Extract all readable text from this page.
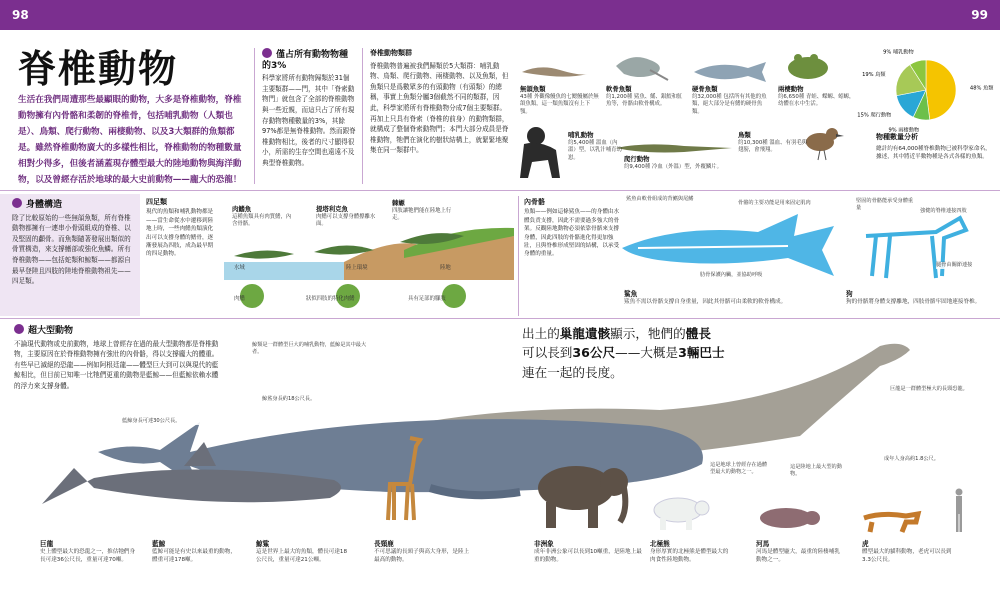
98	99
脊椎動物
生活在我們周遭那些最顯眼的動物，大多是脊椎動物，脊椎動物擁有內骨骼和柔韌的脊椎骨，包括哺乳動物（人類也是）、鳥類、爬行動物、兩棲動物、以及3大類群的魚類都是。雖然脊椎動物廣大的多樣性相比，脊椎動物的物種數量相對少得多，但後者涵蓋現存體型最大的陸地動物與海洋動物，以及曾經存活於地球的最大史前動物——龐大的恐龍！
僅占所有動物物種的3%
科學家將所有動物歸類於31個主要類群——門，其中「脊索動物門」就包含了全部的脊椎動物與一些近親，而這只占了所有現存動物物種數量的3%，其餘97%都是無脊椎動物。然而跟脊椎動物相比，後者的尺寸顯得很小，所需的生存空間也遠遠不及典型脊椎動物。
脊椎動物類群
脊椎動物普遍被我們歸類於5大類群：哺乳動物、鳥類、爬行動物、兩棲動物、以及魚類，但魚類只是爲數眾多的有頭動物（有頭類）的總稱，事實上魚類分屬3個截然不同的類群，因此，科學家將所有脊椎動物分成7個主要類群。再加上只具有脊索（脊椎的前身）的動物類群，就構成了整個脊索動物門；本門大部分成員是脊椎動物，牠們在演化的樹狀結構上，就緊緊地聚集在同一類群中。
無頜魚類
43種 外觀像鰻魚的七鰓鰻屬於無頜魚類，這一類魚類沒有上下顎。
軟骨魚類
約1,200種 鯊魚、鰩、銀鮫和魟魚等，骨骼由軟骨構成。
硬骨魚類
約32,000種 包括所有其他的魚類，絕大部分是有鰭的硬骨魚類。
兩棲動物
約6,650種 青蛙、蠑螈、蚓螈，幼體在水中生活。
哺乳動物
約5,400種 溫血（內溫）型，以乳汁哺育幼崽。	爬行動物
約9,400種 冷血（外溫）型，外覆鱗片。
鳥類
約10,300種 溫血、有羽毛與翅膀，會飛翔。
48% 魚類
9% 兩棲動物
15% 爬行動物
19% 鳥類
9% 哺乳動物
物種數量分析
總計約有64,000種脊椎動物已被科學家命名，據述，其中將近半數物種是各式各樣的魚類。
身體構造
除了比較原始的一些無頜魚類，所有脊椎動物都擁有一連串小骨頭組成的脊椎、以及堅固的顱骨。而魚類隨著發展出類似的骨質構造，來支撐鰭部或強化魚鱗。所有脊椎動物——包括蛇類和鯨類——都源自最早登陸且四肢的陸地脊椎動物祖先——四足類。
四足類
現代的魚類和哺乳動物都是——當生命從水中遷移到陸地上時，一些肉鰭魚類演化出可以支撐身體的鰭骨，逐漸發展為四肢，成為最早期的四足動物。
肉鰭魚
這種魚類具有肉質鰭，內含骨骼。
提塔利克魚
肉鰭可以支撐身體撐離水面。
棘螈
四肢讓牠們能在陸地上行走。
水域	陸上環境	陸地
肉鰭	狀似四肢的特化肉鰭	具有足部的腳肢
內骨骼
魚類——例如這條鯊魚——的身體由水體負責支撐，因此不需要過多強大的骨架。反觀陸地動物必須依靠骨骼來支撐身體，因此四肢的骨骼進化得更加強壯，且與脊椎形成堅固的結構，以承受身體的重量。
鯊魚由軟骨組成的背鰭與尾鰭
骨骼的主要功能是用來固定肌肉
肋骨保護內臟，並協助呼吸
鯊魚
鯊魚不需以骨骼支撐自身重量，因此其骨骼可由柔軟的軟骨構成。
堅固的骨骼能承受身體重量	強健的脊椎連接四肢
腿骨由關節連接
狗
狗的骨骼將身體支撐離地，四肢骨骼牢固地連接脊椎。
超大型動物
不論現代動物或史前動物，地球上曾經存在過的最大型動物都是脊椎動物，主要原因在於脊椎動物擁有強壯的內骨骼，得以支撐龐大的體重。有些早已滅絕的恐龍——例如阿根廷龍——體型巨大到可以與現代的藍鯨相比，但目前已知唯一比牠們更重的動物是藍鯨——但藍鯨依賴水體的浮力來支撐身體。
出土的巢龍遺骸顯示，牠們的體長
可以長到36公尺——大概是3輛巴士
連在一起的長度。
鯨類是一群體型巨大的哺乳動物，藍鯨是其中最大者。
藍鯨身長可達30公尺長。
鯨鯊身長約18公尺長。
巨龍是一群體型極大的長頸恐龍。
這是地球上曾經存在過體型最大的動物之一。
這是陸地上最大型的動物。
成年人身高約1.8公尺。
巨龍
史上體型最大的恐龍之一，推估牠們身長可達36公尺長，重量可達70噸。
藍鯨
藍鯨可能是有史以來最重的動物，體重可達178噸。
鯨鯊
這是世界上最大的魚類，體長可達18公尺長，重量可達21公噸。
長頸鹿
不可思議的長頸子與高大身形，是陸上最高的動物。
非洲象
成年非洲公象可以長到10噸重，是陸地上最重的動物。
北極熊
身形厚實的北極熊是體型最大的肉食性陸地動物。
河馬
河馬是體型龐大，最重的陸棲哺乳動物之一。
虎
體型最大的貓科動物，老虎可以長到3.3公尺長。
